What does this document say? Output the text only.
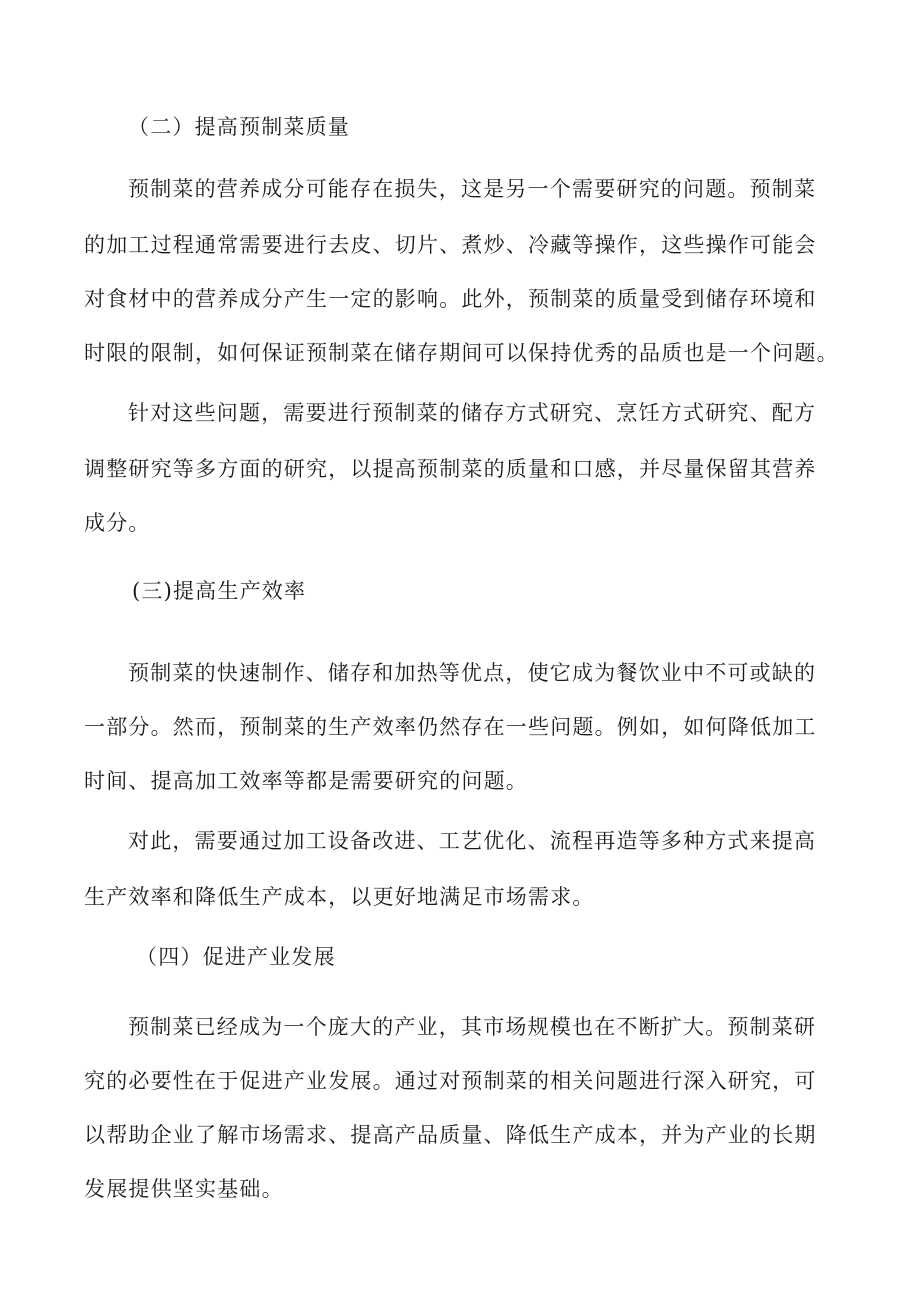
（二）提高预制菜质量
预制菜的营养成分可能存在损失，这是另一个需要研究的问题。预制菜
的加工过程通常需要进行去皮、切片、煮炒、冷藏等操作，这些操作可能会
对食材中的营养成分产生一定的影响。此外，预制菜的质量受到储存环境和
时限的限制，如何保证预制菜在储存期间可以保持优秀的品质也是一个问题。
针对这些问题，需要进行预制菜的储存方式研究、烹饪方式研究、配方
调整研究等多方面的研究，以提高预制菜的质量和口感，并尽量保留其营养
成分。
(三)提高生产效率
预制菜的快速制作、储存和加热等优点，使它成为餐饮业中不可或缺的
一部分。然而，预制菜的生产效率仍然存在一些问题。例如，如何降低加工
时间、提高加工效率等都是需要研究的问题。
对此，需要通过加工设备改进、工艺优化、流程再造等多种方式来提高
生产效率和降低生产成本，以更好地满足市场需求。
（四）促进产业发展
预制菜已经成为一个庞大的产业，其市场规模也在不断扩大。预制菜研
究的必要性在于促进产业发展。通过对预制菜的相关问题进行深入研究，可
以帮助企业了解市场需求、提高产品质量、降低生产成本，并为产业的长期
发展提供坚实基础。
